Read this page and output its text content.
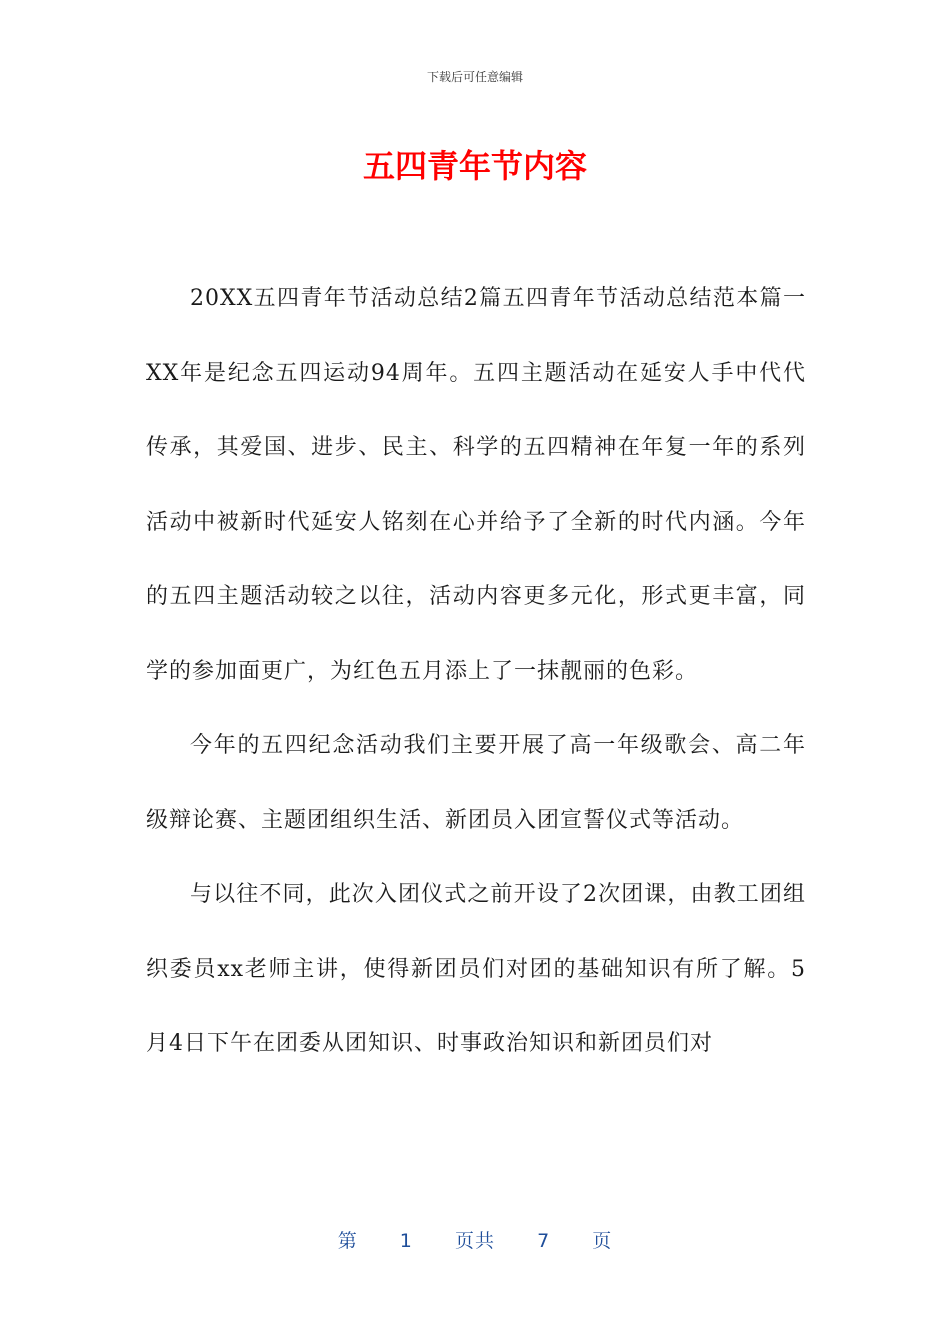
下载后可任意编辑
五四青年节内容

20XX五四青年节活动总结2篇五四青年节活动总结范本篇一XX年是纪念五四运动94周年。五四主题活动在延安人手中代代传承，其爱国、进步、民主、科学的五四精神在年复一年的系列活动中被新时代延安人铭刻在心并给予了全新的时代内涵。今年的五四主题活动较之以往，活动内容更多元化，形式更丰富，同学的参加面更广，为红色五月添上了一抹靓丽的色彩。

今年的五四纪念活动我们主要开展了高一年级歌会、高二年级辩论赛、主题团组织生活、新团员入团宣誓仪式等活动。

与以往不同，此次入团仪式之前开设了2次团课，由教工团组织委员xx老师主讲，使得新团员们对团的基础知识有所了解。5月4日下午在团委从团知识、时事政治知识和新团员们对

第 1 页共 7 页
